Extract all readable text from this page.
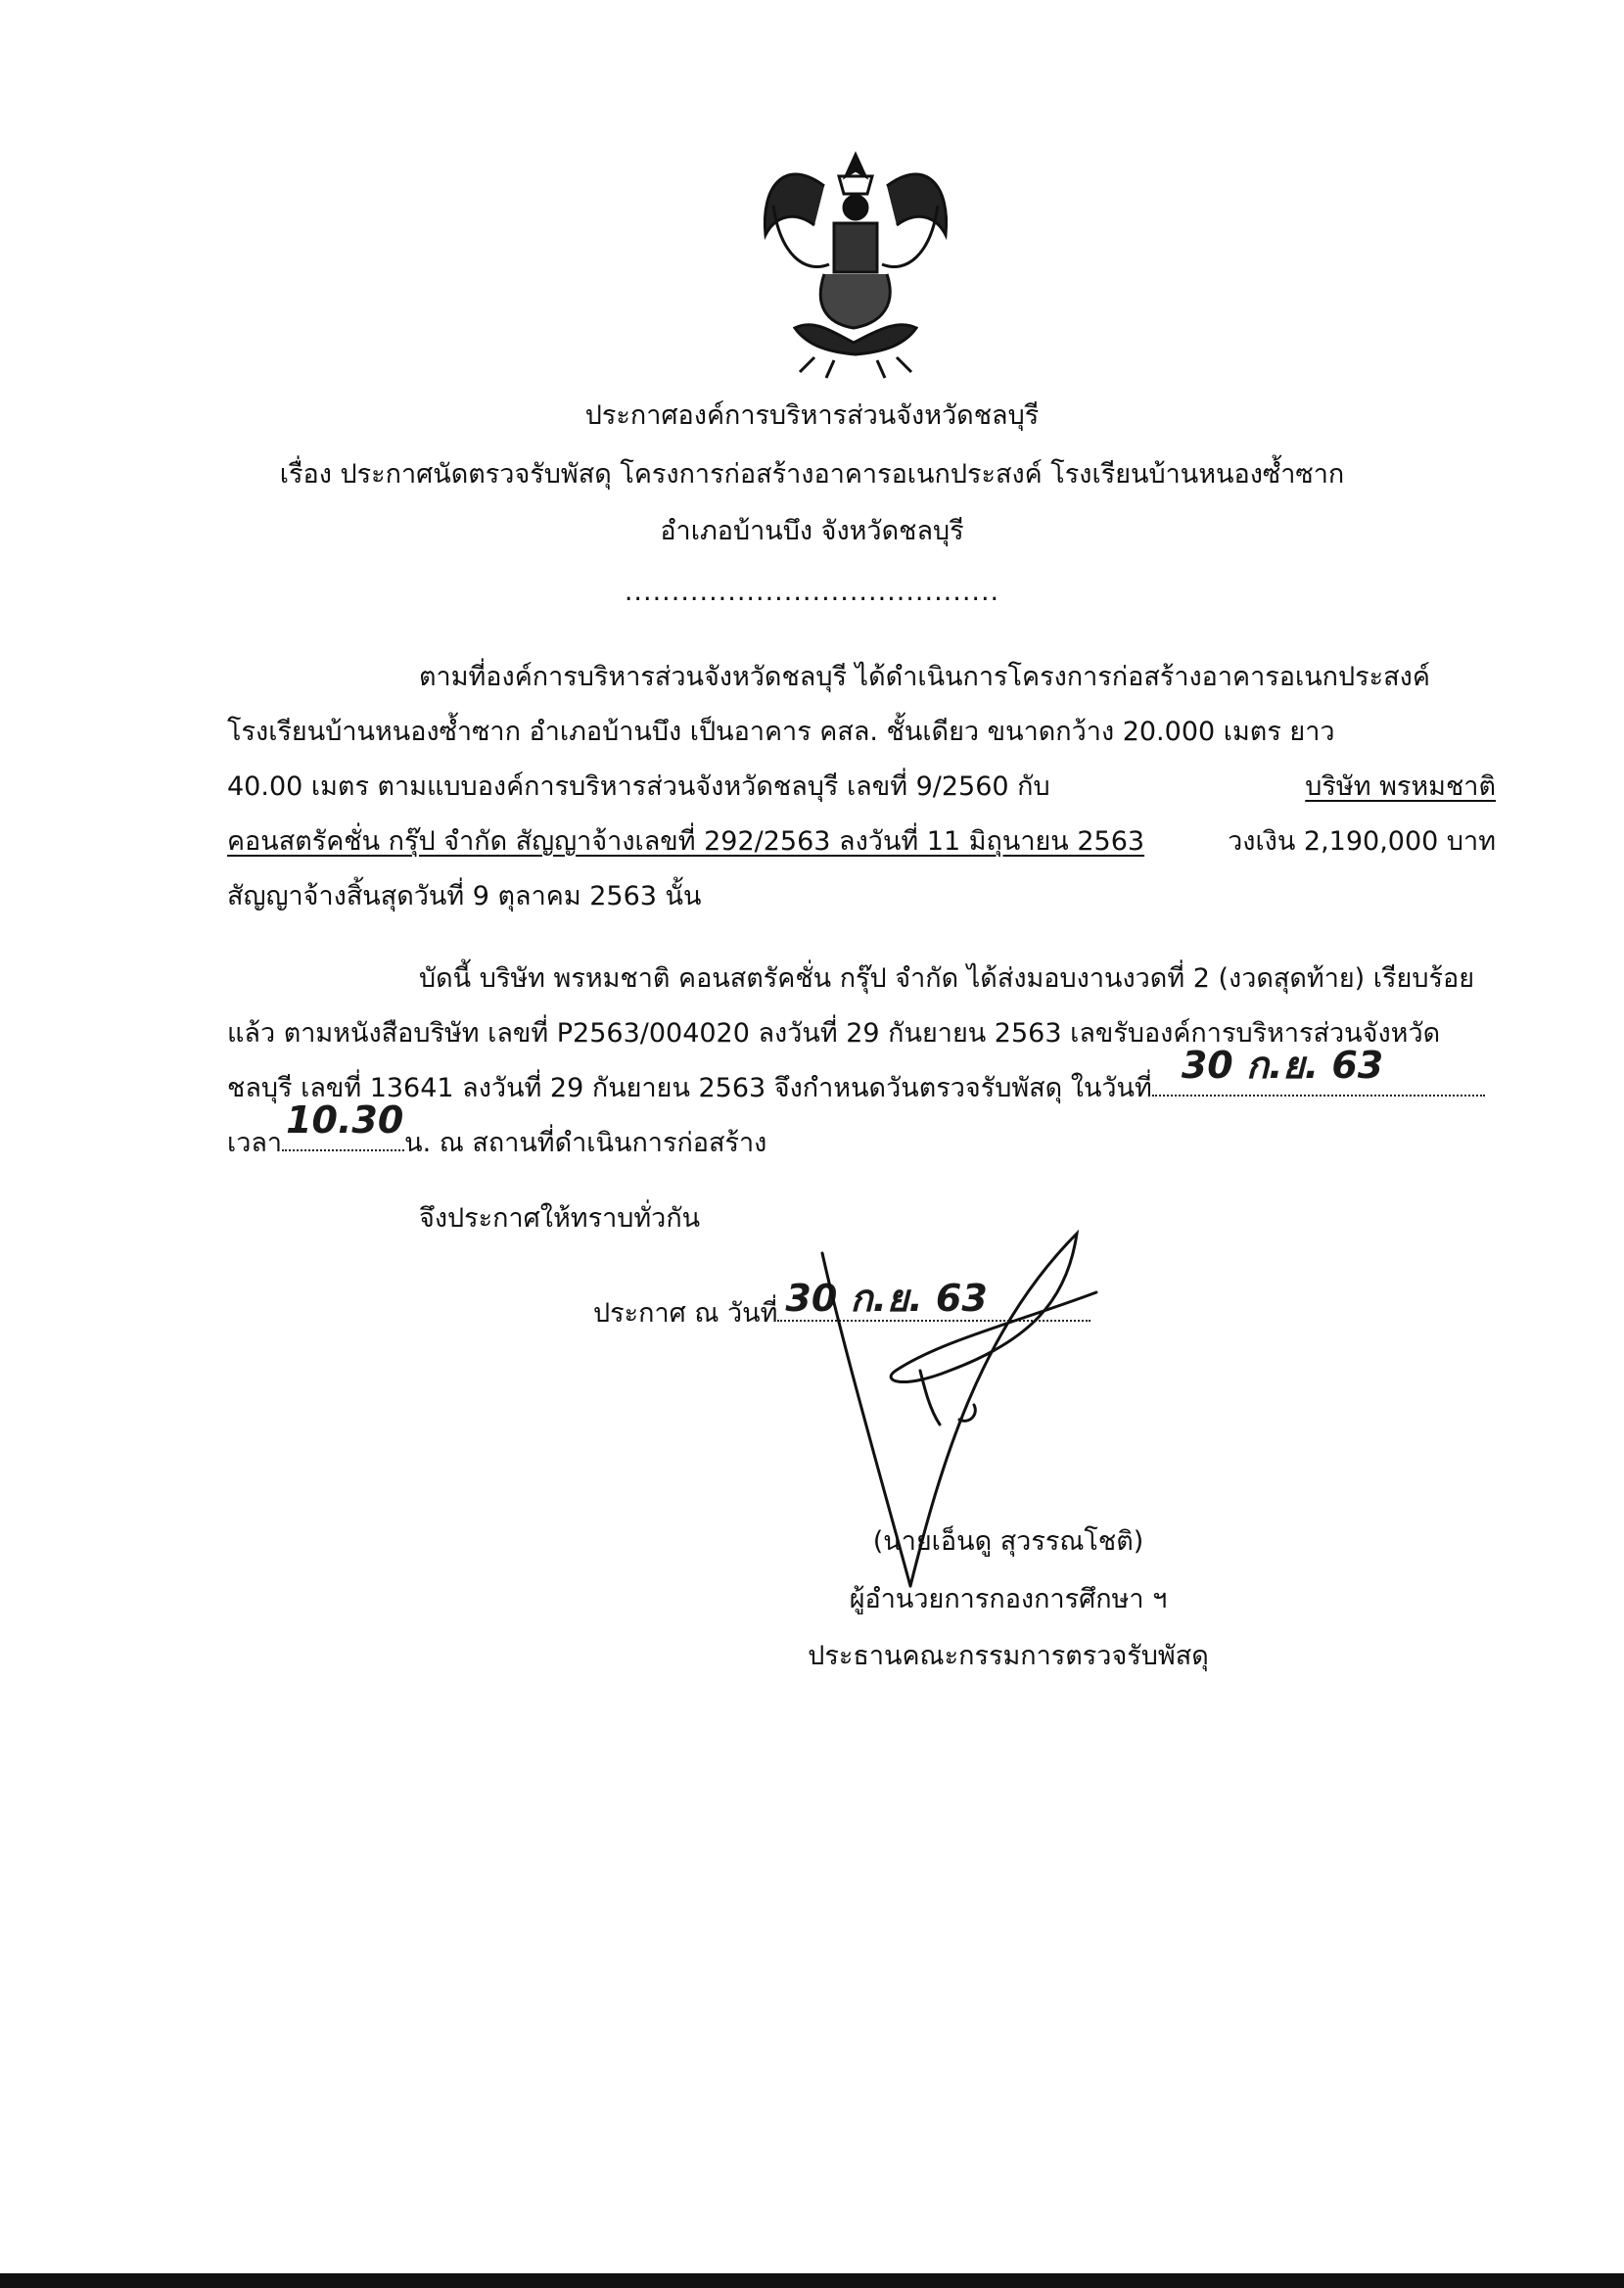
ประกาศองค์การบริหารส่วนจังหวัดชลบุรี
เรื่อง ประกาศนัดตรวจรับพัสดุ โครงการก่อสร้างอาคารอเนกประสงค์ โรงเรียนบ้านหนองซ้ำซาก
อำเภอบ้านบึง จังหวัดชลบุรี
........................................
ตามที่องค์การบริหารส่วนจังหวัดชลบุรี ได้ดำเนินการโครงการก่อสร้างอาคารอเนกประสงค์
โรงเรียนบ้านหนองซ้ำซาก อำเภอบ้านบึง เป็นอาคาร คสล. ชั้นเดียว ขนาดกว้าง 20.000 เมตร ยาว
40.00 เมตร ตามแบบองค์การบริหารส่วนจังหวัดชลบุรี เลขที่ 9/2560 กับ	บริษัท พรหมชาติ
คอนสตรัคชั่น กรุ๊ป จำกัด สัญญาจ้างเลขที่ 292/2563 ลงวันที่ 11 มิถุนายน 2563	วงเงิน 2,190,000 บาท
สัญญาจ้างสิ้นสุดวันที่ 9 ตุลาคม 2563 นั้น
บัดนี้ บริษัท พรหมชาติ คอนสตรัคชั่น กรุ๊ป จำกัด ได้ส่งมอบงานงวดที่ 2 (งวดสุดท้าย) เรียบร้อย
แล้ว ตามหนังสือบริษัท เลขที่ P2563/004020 ลงวันที่ 29 กันยายน 2563 เลขรับองค์การบริหารส่วนจังหวัด
ชลบุรี เลขที่ 13641 ลงวันที่ 29 กันยายน 2563 จึงกำหนดวันตรวจรับพัสดุ ในวันที่
30 ก.ย. 63
เวลา
10.30
น. ณ สถานที่ดำเนินการก่อสร้าง
จึงประกาศให้ทราบทั่วกัน
ประกาศ ณ วันที่ 30 ก.ย. 63
(นายเอ็นดู สุวรรณโชติ)
ผู้อำนวยการกองการศึกษา ฯ
ประธานคณะกรรมการตรวจรับพัสดุ
